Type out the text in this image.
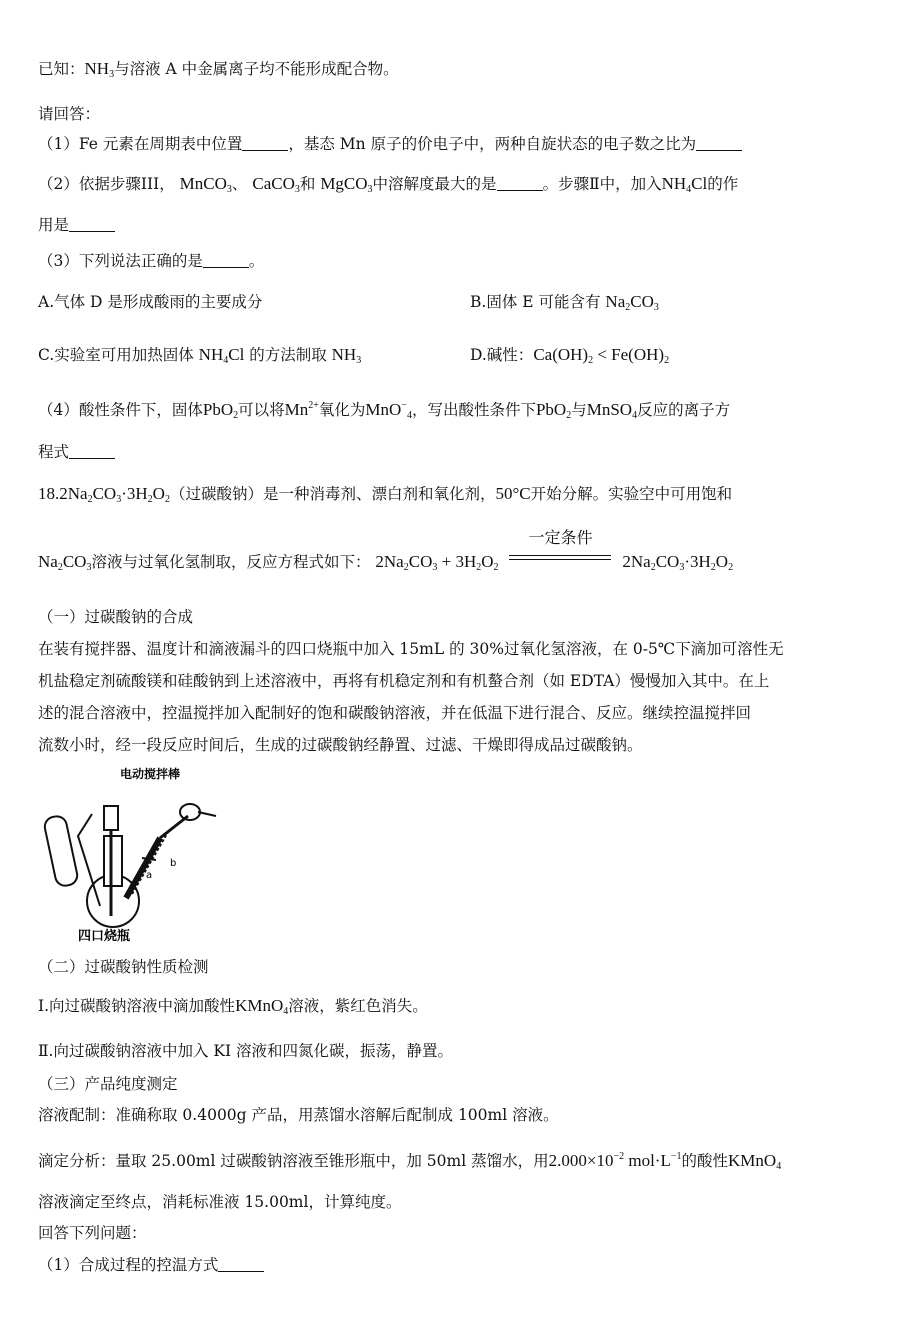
已知：$NH_3$与溶液 A 中金属离子均不能形成配合物。
请回答：
（1）Fe 元素在周期表中位置	，基态 Mn 原子的价电子中，两种自旋状态的电子数之比为
（2）依据步骤III， MnCO$_3$、 CaCO$_3$和 MgCO$_3$中溶解度最大的是	。步骤Ⅱ中，加入$NH_4Cl$的作
用是
（3）下列说法正确的是	。
A.气体 D 是形成酸雨的主要成分	B.固体 E 可能含有 $Na_2CO_3$
C.实验室可用加热固体 $NH_4Cl$ 的方法制取 $NH_3$	D.碱性：$Ca(OH)_2 < Fe(OH)_2$
（4）酸性条件下，固体PbO$_2$可以将$Mn^{2+}$氧化为MnO−$_4$，写出酸性条件下PbO$_2$与MnSO$_4$反应的离子方
程式
$18.2Na_2CO_3\cdot 3H_2O_2$（过碳酸钠）是一种消毒剂、漂白剂和氧化剂，50°C开始分解。实验空中可用饱和
$Na_2CO_3$溶液与过氧化氢制取，反应方程式如下： $2Na_2CO_3 + 3H_2O_2$
一定条件
$2Na_2CO_3\cdot 3H_2O_2$
（一）过碳酸钠的合成
在装有搅拌器、温度计和滴液漏斗的四口烧瓶中加入 15mL 的 30%过氧化氢溶液，在 0-5℃下滴加可溶性无
机盐稳定剂硫酸镁和硅酸钠到上述溶液中，再将有机稳定剂和有机螯合剂（如 EDTA）慢慢加入其中。在上
述的混合溶液中，控温搅拌加入配制好的饱和碳酸钠溶液，并在低温下进行混合、反应。继续控温搅拌回
流数小时，经一段反应时间后，生成的过碳酸钠经静置、过滤、干燥即得成品过碳酸钠。
电动搅拌棒
b
a
四口烧瓶
（二）过碳酸钠性质检测
Ⅰ.向过碳酸钠溶液中滴加酸性KMnO$_4$溶液，紫红色消失。
Ⅱ.向过碳酸钠溶液中加入 KI 溶液和四氮化碳，振荡，静置。
（三）产品纯度测定
溶液配制：准确称取 0.4000g 产品，用蒸馏水溶解后配制成 100ml 溶液。
滴定分析：量取 25.00ml 过碳酸钠溶液至锥形瓶中，加 50ml 蒸馏水，用$2.000\times 10^{-2}$ $mol\cdot L^{-1}$的酸性KMnO$_4$
溶液滴定至终点，消耗标准液 15.00ml，计算纯度。
回答下列问题：
（1）合成过程的控温方式
